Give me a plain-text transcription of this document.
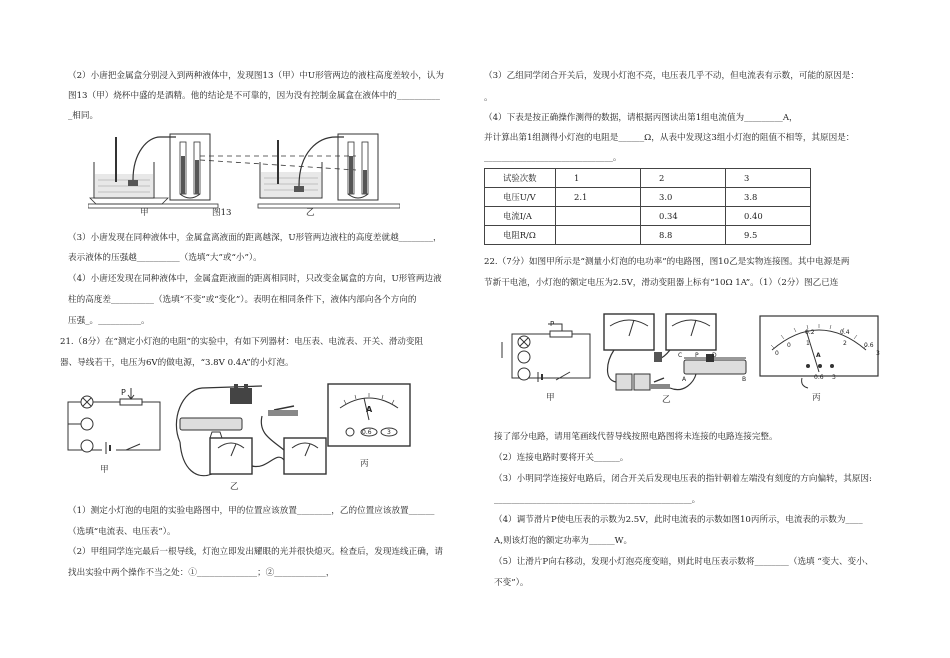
（2）小唐把金属盒分别浸入到两种液体中，发现图13（甲）中U形管两边的液柱高度差较小，认为
图13（甲）烧杯中盛的是酒精。他的结论是不可靠的，因为没有控制金属盒在液体中的__________
_相同。
甲	图13	乙
（3）小唐发现在同种液体中，金属盒离液面的距离越深，U形管两边液柱的高度差就越________，
表示液体的压强越__________（选填“大”或“小”）。
（4）小唐还发现在同种液体中，金属盒距液面的距离相同时，只改变金属盒的方向，U形管两边液
柱的高度差__________（选填“不变”或“变化”）。表明在相同条件下，液体内部向各个方向的
压强_。__________。
21.（8分）在“测定小灯泡的电阻”的实验中，有如下列器材：电压表、电流表、开关、滑动变阻
器、导线若干，电压为6V的做电源，“3.8V 0.4A”的小灯泡。
P
甲
乙
丙
A
0.6	3
（1）测定小灯泡的电阻的实验电路图中，甲的位置应该放置________，乙的位置应该放置______
（选填“电流表、电压表”）。
（2）甲组同学连完最后一根导线，灯泡立即发出耀眼的光并很快熄灭。检查后，发现连线正确，请
找出实验中两个操作不当之处：①______________；②____________，
（3）乙组同学闭合开关后，发现小灯泡不亮，电压表几乎不动，但电流表有示数，可能的原因是：
。
（4）下表是按正确操作测得的数据，请根据丙图读出第1组电流值为_________A，
并计算出第1组测得小灯泡的电阻是______Ω，从表中发现这3组小灯泡的阻值不相等，其原因是：
______________________________。
试验次数	1	2	3
电压U/V	2.1	3.0	3.8
电流I/A		0.34	0.40
电阻R/Ω		8.8	9.5
22.（7分）如图甲所示是“测量小灯泡的电功率”的电路图，图10乙是实物连接图。其中电源是两
节新干电池，小灯泡的额定电压为2.5V，滑动变阻器上标有“10Ω 1A”。（1）（2分）图乙已连
P
甲	乙	丙
C P D
A	B
0
0.2	0.4
0.6
0
1	2
3
A
0.6 3
接了部分电路，请用笔画线代替导线按照电路图将未连接的电路连接完整。
（2）连接电路时要将开关______。
（3）小明同学连接好电路后，闭合开关后发现电压表的指针朝着左端没有刻度的方向偏转，其原因:
______________________________________________。
（4）调节滑片P使电压表的示数为2.5V，此时电流表的示数如图10丙所示，电流表的示数为____
A,则该灯泡的额定功率为______W。
（5）让滑片P向右移动，发现小灯泡亮度变暗，则此时电压表示数将________（选填 “变大、变小、
不变”）。
